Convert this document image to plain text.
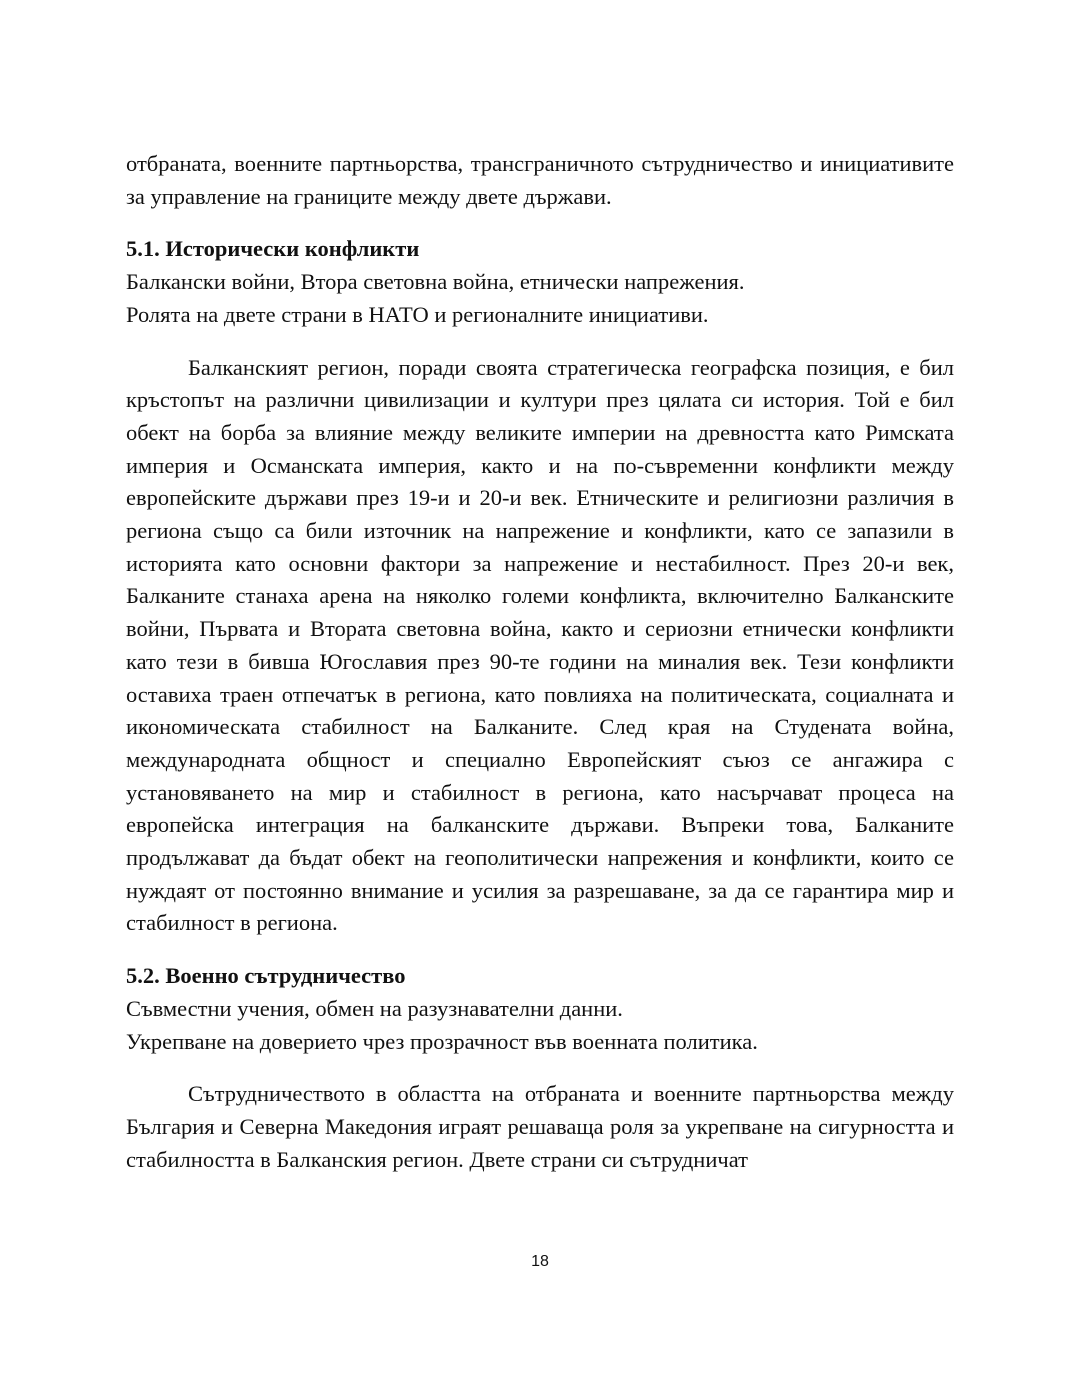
отбраната, военните партньорства, трансграничното сътрудничество и инициативите за управление на границите между двете държави.

5.1. Исторически конфликти

Балкански войни, Втора световна война, етнически напрежения.

Ролята на двете страни в НАТО и регионалните инициативи.

Балканският регион, поради своята стратегическа географска позиция, е бил кръстопът на различни цивилизации и култури през цялата си история. Той е бил обект на борба за влияние между великите империи на древността като Римската империя и Османската империя, както и на по-съвременни конфликти между европейските държави през 19-и и 20-и век. Етническите и религиозни различия в региона също са били източник на напрежение и конфликти, като се запазили в историята като основни фактори за напрежение и нестабилност. През 20-и век, Балканите станаха арена на няколко големи конфликта, включително Балканските войни, Първата и Втората световна война, както и сериозни етнически конфликти като тези в бивша Югославия през 90-те години на миналия век. Тези конфликти оставиха траен отпечатък в региона, като повлияха на политическата, социалната и икономическата стабилност на Балканите. След края на Студената война, международната общност и специално Европейският съюз се ангажира с установяването на мир и стабилност в региона, като насърчават процеса на европейска интеграция на балканските държави. Въпреки това, Балканите продължават да бъдат обект на геополитически напрежения и конфликти, които се нуждаят от постоянно внимание и усилия за разрешаване, за да се гарантира мир и стабилност в региона.

5.2. Военно сътрудничество

Съвместни учения, обмен на разузнавателни данни.

Укрепване на доверието чрез прозрачност във военната политика.

Сътрудничеството в областта на отбраната и военните партньорства между България и Северна Македония играят решаваща роля за укрепване на сигурността и стабилността в Балканския регион. Двете страни си сътрудничат

18
